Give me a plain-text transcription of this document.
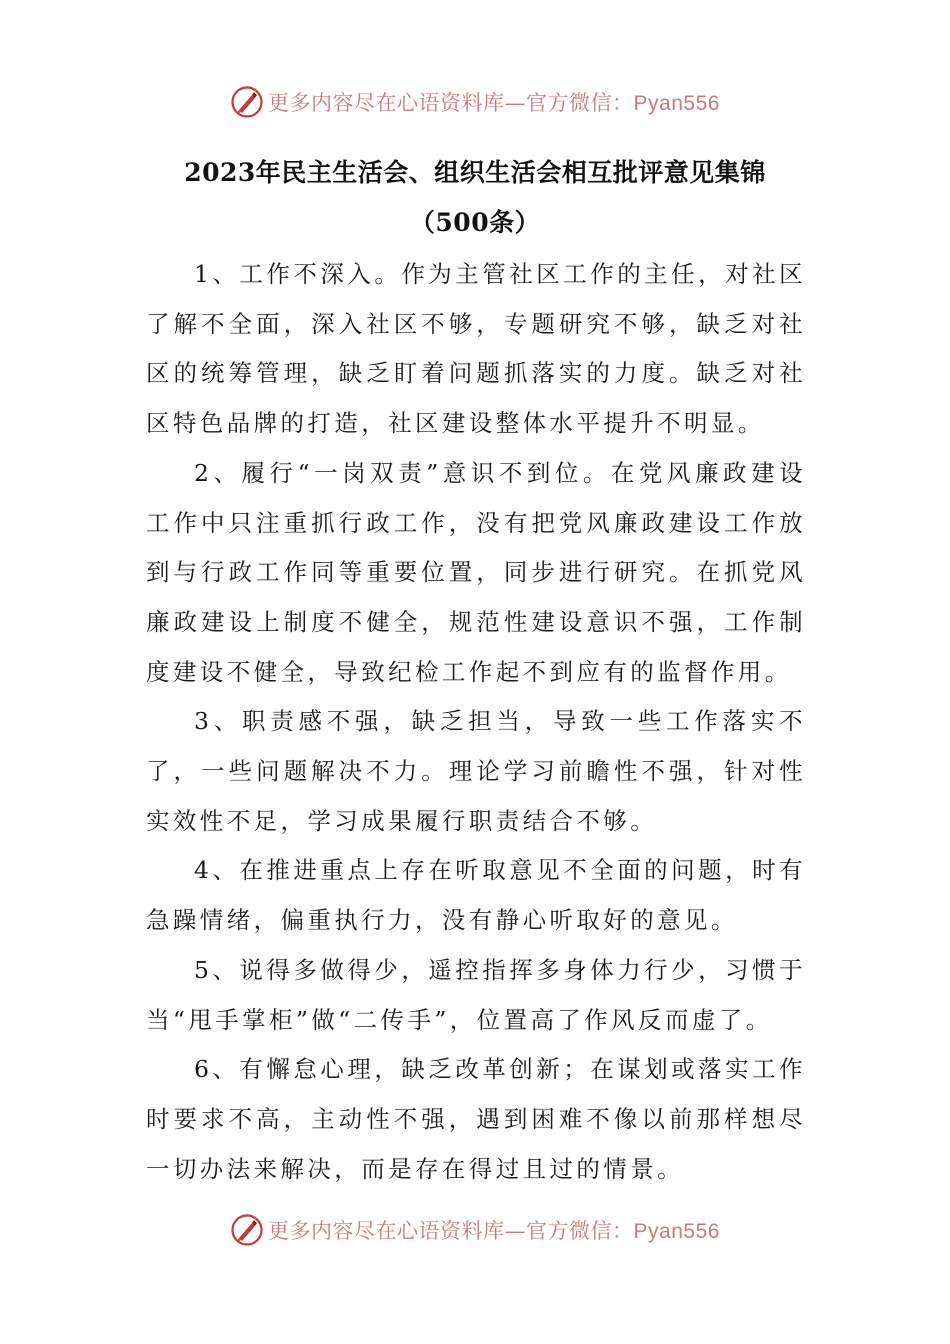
更多内容尽在心语资料库—官方微信：Pyan556
2023年民主生活会、组织生活会相互批评意见集锦
（500条）

1、工作不深入。作为主管社区工作的主任，对社区了解不全面，深入社区不够，专题研究不够，缺乏对社区的统筹管理，缺乏盯着问题抓落实的力度。缺乏对社区特色品牌的打造，社区建设整体水平提升不明显。

2、履行“一岗双责”意识不到位。在党风廉政建设工作中只注重抓行政工作，没有把党风廉政建设工作放到与行政工作同等重要位置，同步进行研究。在抓党风廉政建设上制度不健全，规范性建设意识不强，工作制度建设不健全，导致纪检工作起不到应有的监督作用。

3、职责感不强，缺乏担当，导致一些工作落实不了，一些问题解决不力。理论学习前瞻性不强，针对性实效性不足，学习成果履行职责结合不够。

4、在推进重点上存在听取意见不全面的问题，时有急躁情绪，偏重执行力，没有静心听取好的意见。

5、说得多做得少，遥控指挥多身体力行少，习惯于当“甩手掌柜”做“二传手”，位置高了作风反而虚了。

6、有懈怠心理，缺乏改革创新；在谋划或落实工作时要求不高，主动性不强，遇到困难不像以前那样想尽一切办法来解决，而是存在得过且过的情景。

更多内容尽在心语资料库—官方微信：Pyan556
